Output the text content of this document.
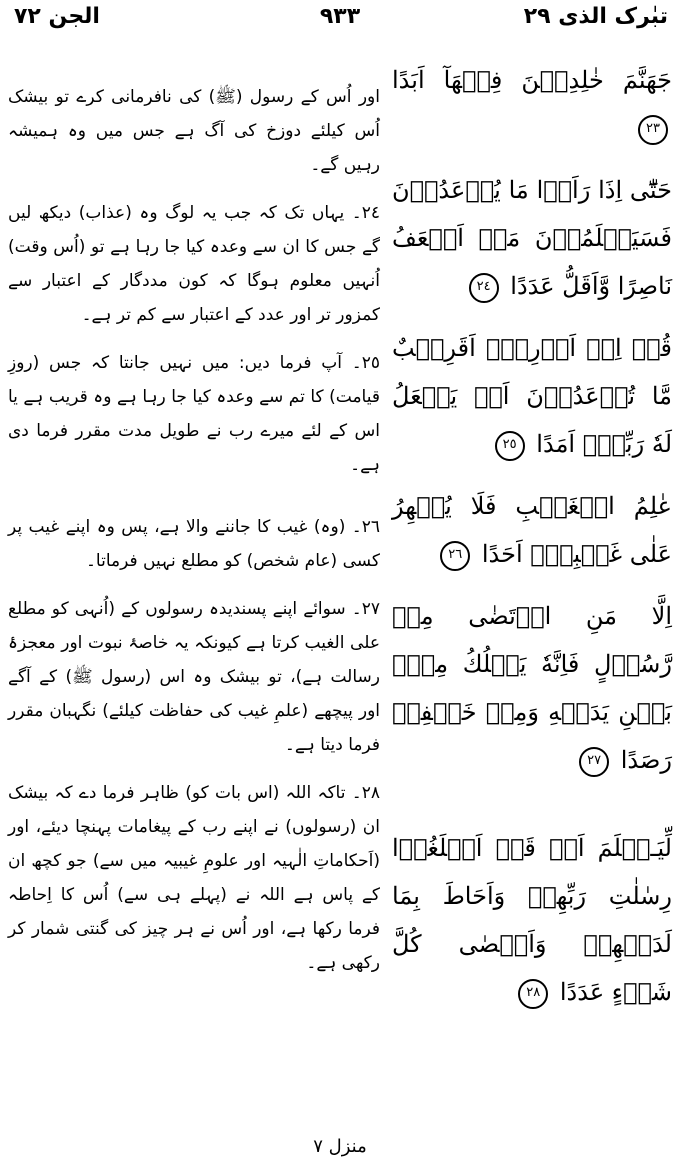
الجن ٧٢	٩٣٣	تبٰرک الذی ٢٩

اور اُس کے رسول (ﷺ) کی نافرمانی کرے تو بیشک اُس کیلئے دوزخ کی آگ ہے جس میں وہ ہمیشہ رہیں گے۔

٢٤۔ یہاں تک کہ جب یہ لوگ وہ (عذاب) دیکھ لیں گے جس کا ان سے وعدہ کیا جا رہا ہے تو (اُس وقت) اُنہیں معلوم ہوگا کہ کون مددگار کے اعتبار سے کمزور تر اور عدد کے اعتبار سے کم تر ہے۔

٢٥۔ آپ فرما دیں: میں نہیں جانتا کہ جس (روزِ قیامت) کا تم سے وعدہ کیا جا رہا ہے وہ قریب ہے یا اس کے لئے میرے رب نے طویل مدت مقرر فرما دی ہے۔

٢٦۔ (وہ) غیب کا جاننے والا ہے، پس وہ اپنے غیب پر کسی (عام شخص) کو مطلع نہیں فرماتا۔

٢٧۔ سوائے اپنے پسندیدہ رسولوں کے (اُنہی کو مطلع علی الغیب کرتا ہے کیونکہ یہ خاصۂ نبوت اور معجزۂ رسالت ہے)، تو بیشک وہ اس (رسول ﷺ) کے آگے اور پیچھے (علمِ غیب کی حفاظت کیلئے) نگہبان مقرر فرما دیتا ہے۔

٢٨۔ تاکہ اللہ (اس بات کو) ظاہر فرما دے کہ بیشک ان (رسولوں) نے اپنے رب کے پیغامات پہنچا دیئے، اور (اَحکاماتِ الٰہیہ اور علومِ غیبیہ میں سے) جو کچھ ان کے پاس ہے اللہ نے (پہلے ہی سے) اُس کا اِحاطہ فرما رکھا ہے، اور اُس نے ہر چیز کی گنتی شمار کر رکھی ہے۔

جَهَنَّمَ خٰلِدِيۡنَ فِيۡهَآ اَبَدًا ٢٣

حَتّٰٓى اِذَا رَاَوۡا مَا يُوۡعَدُوۡنَ فَسَيَعۡلَمُوۡنَ مَنۡ اَضۡعَفُ نَاصِرًا وَّاَقَلُّ عَدَدًا ٢٤

قُلۡ اِنۡ اَدۡرِىۡۤ اَقَرِيۡبٌ مَّا تُوۡعَدُوۡنَ اَمۡ يَجۡعَلُ لَهٗ رَبِّىۡۤ اَمَدًا ٢٥

عٰلِمُ الۡغَيۡبِ فَلَا يُظۡهِرُ عَلٰى غَيۡبِهٖۤ اَحَدًا ٢٦

اِلَّا مَنِ ارۡتَضٰى مِنۡ رَّسُوۡلٍ فَاِنَّهٗ يَسۡلُكُ مِنۡۢ بَيۡنِ يَدَيۡهِ وَمِنۡ خَلۡفِهٖ رَصَدًا ٢٧

لِّيَـعۡلَمَ اَنۡ قَدۡ اَبۡلَغُوۡا رِسٰلٰتِ رَبِّهِمۡ وَاَحَاطَ بِمَا لَدَيۡهِمۡ وَاَحۡصٰى كُلَّ شَىۡءٍ عَدَدًا ٢٨

منزل ٧
